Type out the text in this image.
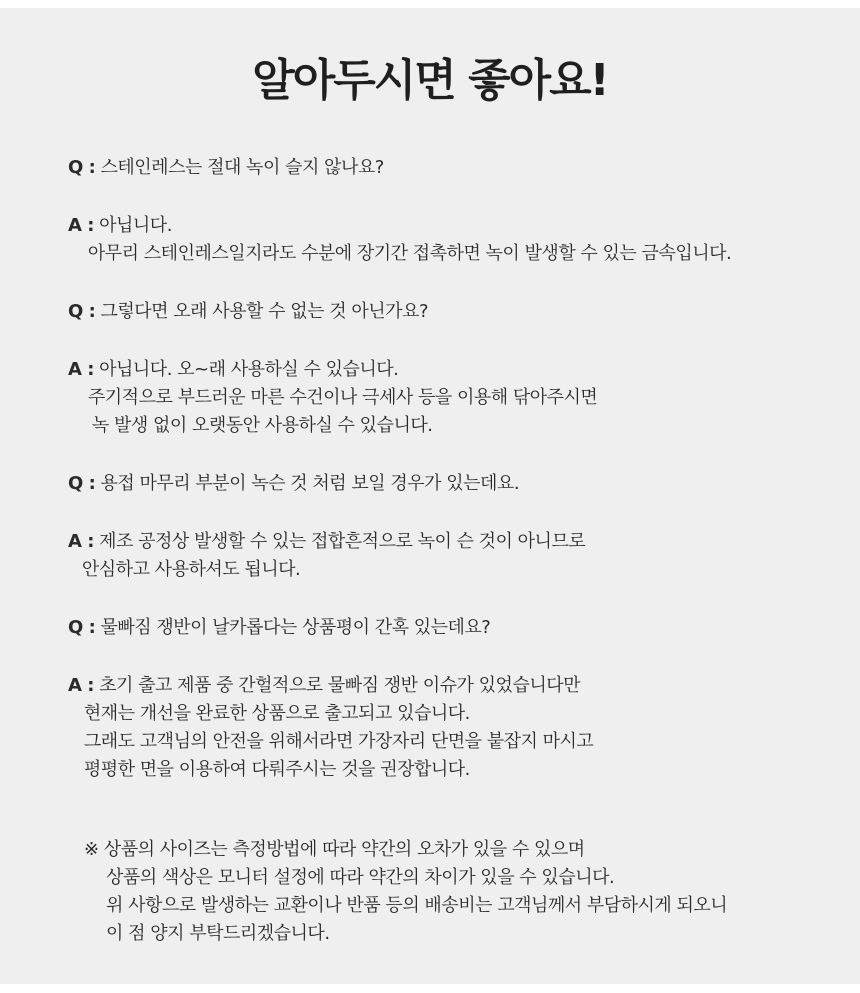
알아두시면 좋아요!
Q : 스테인레스는 절대 녹이 슬지 않나요?
A : 아닙니다.
아무리 스테인레스일지라도 수분에 장기간 접촉하면 녹이 발생할 수 있는 금속입니다.
Q : 그렇다면 오래 사용할 수 없는 것 아닌가요?
A : 아닙니다. 오~래 사용하실 수 있습니다.
주기적으로 부드러운 마른 수건이나 극세사 등을 이용해 닦아주시면
녹 발생 없이 오랫동안 사용하실 수 있습니다.
Q : 용접 마무리 부분이 녹슨 것 처럼 보일 경우가 있는데요.
A : 제조 공정상 발생할 수 있는 접합흔적으로 녹이 슨 것이 아니므로
안심하고 사용하셔도 됩니다.
Q : 물빠짐 쟁반이 날카롭다는 상품평이 간혹 있는데요?
A : 초기 출고 제품 중 간헐적으로 물빠짐 쟁반 이슈가 있었습니다만
현재는 개선을 완료한 상품으로 출고되고 있습니다.
그래도 고객님의 안전을 위해서라면 가장자리 단면을 붙잡지 마시고
평평한 면을 이용하여 다뤄주시는 것을 권장합니다.
※ 상품의 사이즈는 측정방법에 따라 약간의 오차가 있을 수 있으며
상품의 색상은 모니터 설정에 따라 약간의 차이가 있을 수 있습니다.
위 사항으로 발생하는 교환이나 반품 등의 배송비는 고객님께서 부담하시게 되오니
이 점 양지 부탁드리겠습니다.
